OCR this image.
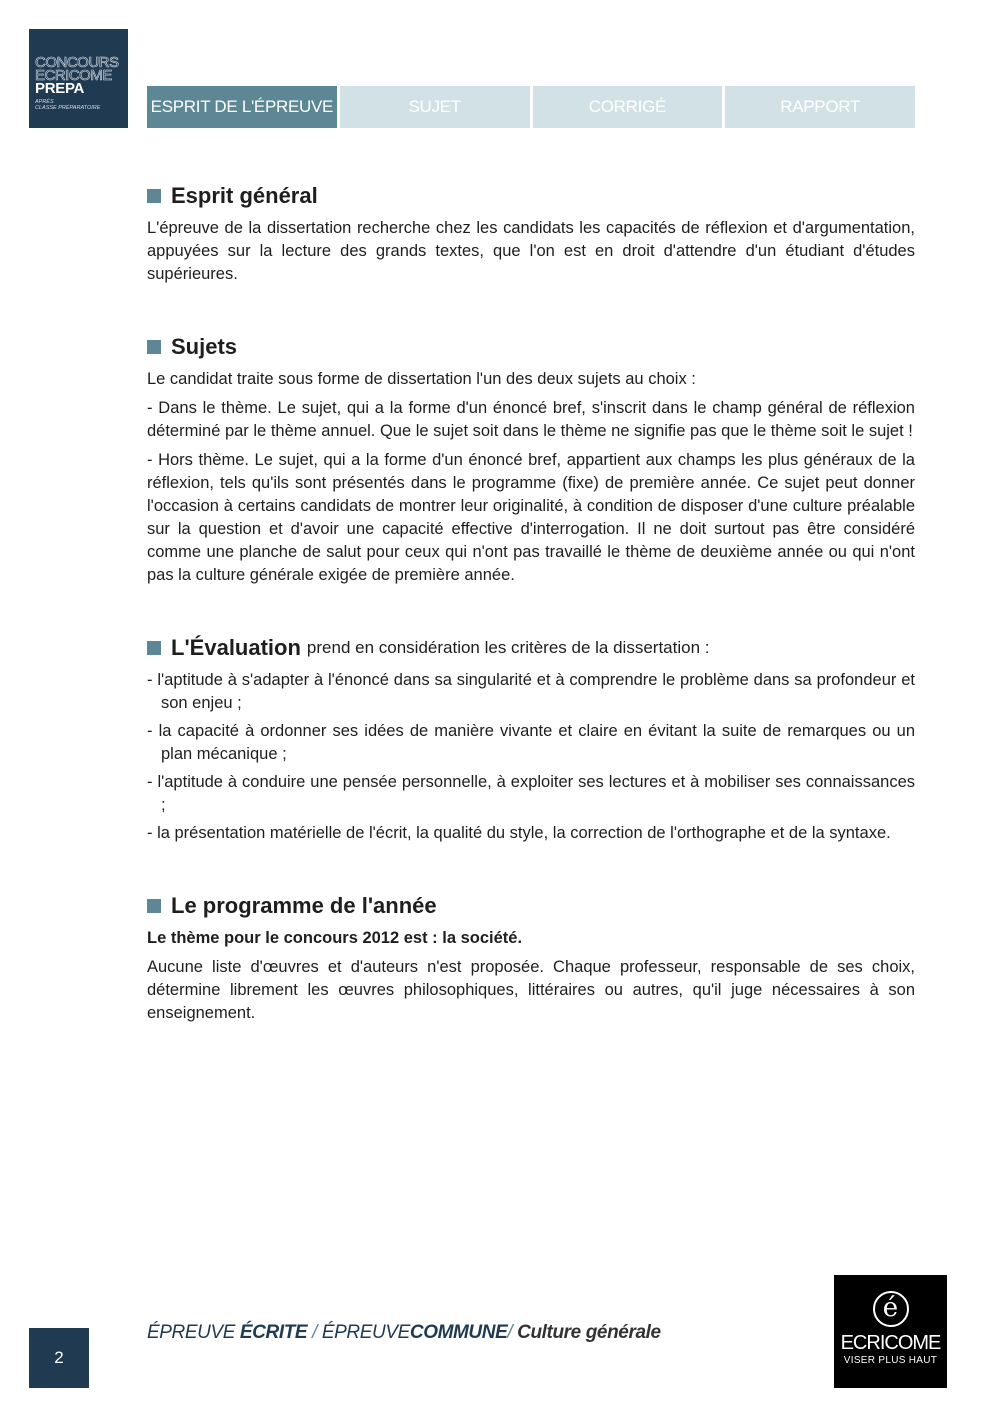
CONCOURS
ECRICOME
PREPA
APRÈS
CLASSE PRÉPARATOIRE	ESPRIT DE L'ÉPREUVE	SUJET	CORRIGÉ	RAPPORT
Esprit général

L'épreuve de la dissertation recherche chez les candidats les capacités de réflexion et d'argumentation, appuyées sur la lecture des grands textes, que l'on est en droit d'attendre d'un étudiant d'études supérieures.

Sujets

Le candidat traite sous forme de dissertation l'un des deux sujets au choix :

- Dans le thème. Le sujet, qui a la forme d'un énoncé bref, s'inscrit dans le champ général de réflexion déterminé par le thème annuel. Que le sujet soit dans le thème ne signifie pas que le thème soit le sujet !

- Hors thème. Le sujet, qui a la forme d'un énoncé bref, appartient aux champs les plus généraux de la réflexion, tels qu'ils sont présentés dans le programme (fixe) de première année. Ce sujet peut donner l'occasion à certains candidats de montrer leur originalité, à condition de disposer d'une culture préalable sur la question et d'avoir une capacité effective d'interrogation. Il ne doit surtout pas être considéré comme une planche de salut pour ceux qui n'ont pas travaillé le thème de deuxième année ou qui n'ont pas la culture générale exigée de première année.

L'Évaluation prend en considération les critères de la dissertation :

- l'aptitude à s'adapter à l'énoncé dans sa singularité et à comprendre le problème dans sa profondeur et son enjeu ;

- la capacité à ordonner ses idées de manière vivante et claire en évitant la suite de remarques ou un plan mécanique ;

- l'aptitude à conduire une pensée personnelle, à exploiter ses lectures et à mobiliser ses connaissances ;

- la présentation matérielle de l'écrit, la qualité du style, la correction de l'orthographe et de la syntaxe.

Le programme de l'année

Le thème pour le concours 2012 est : la société.

Aucune liste d'œuvres et d'auteurs n'est proposée. Chaque professeur, responsable de ses choix, détermine librement les œuvres philosophiques, littéraires ou autres, qu'il juge nécessaires à son enseignement.

ÉPREUVE ÉCRITE / ÉPREUVECOMMUNE/ Culture générale
2
é
ECRICOME
VISER PLUS HAUT
